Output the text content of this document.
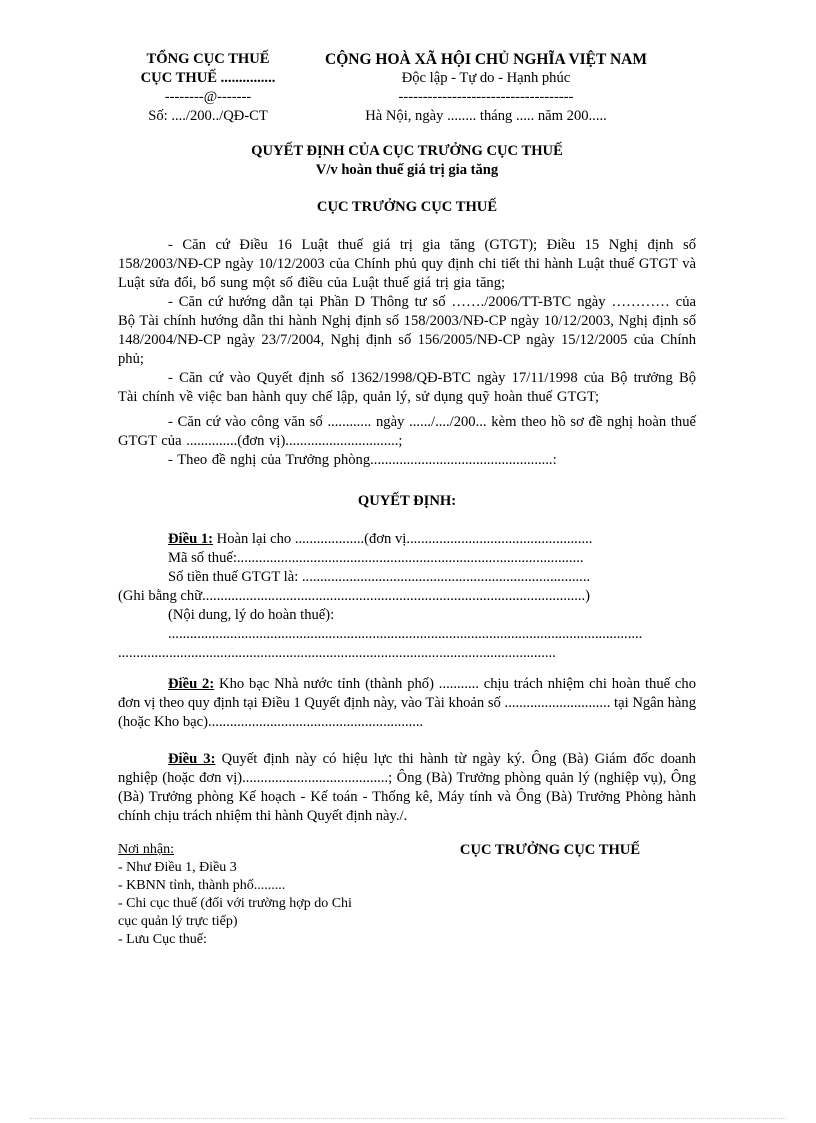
TỔNG CỤC THUẾ
CỤC THUẾ ...............
--------@-------
Số: ..../200../QĐ-CT
CỘNG HOÀ XÃ HỘI CHỦ NGHĨA VIỆT NAM
Độc lập - Tự do - Hạnh phúc
------------------------------------
Hà Nội, ngày ........ tháng ..... năm 200.....
QUYẾT ĐỊNH CỦA CỤC TRƯỞNG CỤC THUẾ
V/v hoàn thuế giá trị gia tăng
CỤC TRƯỞNG CỤC THUẾ

- Căn cứ Điều 16 Luật thuế giá trị gia tăng (GTGT); Điều 15 Nghị định số 158/2003/NĐ-CP ngày 10/12/2003 của Chính phủ quy định chi tiết thi hành Luật thuế GTGT và Luật sửa đổi, bổ sung một số điều của Luật thuế giá trị gia tăng;

- Căn cứ hướng dẫn tại Phần D Thông tư số ……./2006/TT-BTC ngày ………… của Bộ Tài chính hướng dẫn thi hành Nghị định số 158/2003/NĐ-CP ngày 10/12/2003, Nghị định số 148/2004/NĐ-CP ngày 23/7/2004, Nghị định số 156/2005/NĐ-CP ngày 15/12/2005 của Chính phủ;

- Căn cứ vào Quyết định số 1362/1998/QĐ-BTC ngày 17/11/1998 của Bộ trưởng Bộ Tài chính về việc ban hành quy chế lập, quản lý, sử dụng quỹ hoàn thuế GTGT;

- Căn cứ vào công văn số ............ ngày ....../..../200... kèm theo hồ sơ đề nghị hoàn thuế GTGT của ..............(đơn vị)...............................;

- Theo đề nghị của Trưởng phòng..................................................:

QUYẾT ĐỊNH:
Điều 1: Hoàn lại cho ...................(đơn vị...................................................
Mã số thuế:...............................................................................................
Số tiền thuế GTGT là: ...............................................................................
(Ghi bằng chữ.........................................................................................................)
(Nội dung, lý do hoàn thuế):
..................................................................................................................................
........................................................................................................................

Điều 2: Kho bạc Nhà nước tỉnh (thành phố) ........... chịu trách nhiệm chi hoàn thuế cho đơn vị theo quy định tại Điều 1 Quyết định này, vào Tài khoản số ............................. tại Ngân hàng (hoặc Kho bạc)...........................................................

Điều 3: Quyết định này có hiệu lực thi hành từ ngày ký. Ông (Bà) Giám đốc doanh nghiệp (hoặc đơn vị)........................................; Ông (Bà) Trưởng phòng quản lý (nghiệp vụ), Ông (Bà) Trưởng phòng Kế hoạch - Kế toán - Thống kê, Máy tính và Ông (Bà) Trưởng Phòng hành chính chịu trách nhiệm thi hành Quyết định này./.

Nơi nhận:
- Như Điều 1, Điều 3
- KBNN tỉnh, thành phố.........
- Chi cục thuế (đối với trường hợp do Chi
cục quản lý trực tiếp)
- Lưu Cục thuế:
CỤC TRƯỞNG CỤC THUẾ
